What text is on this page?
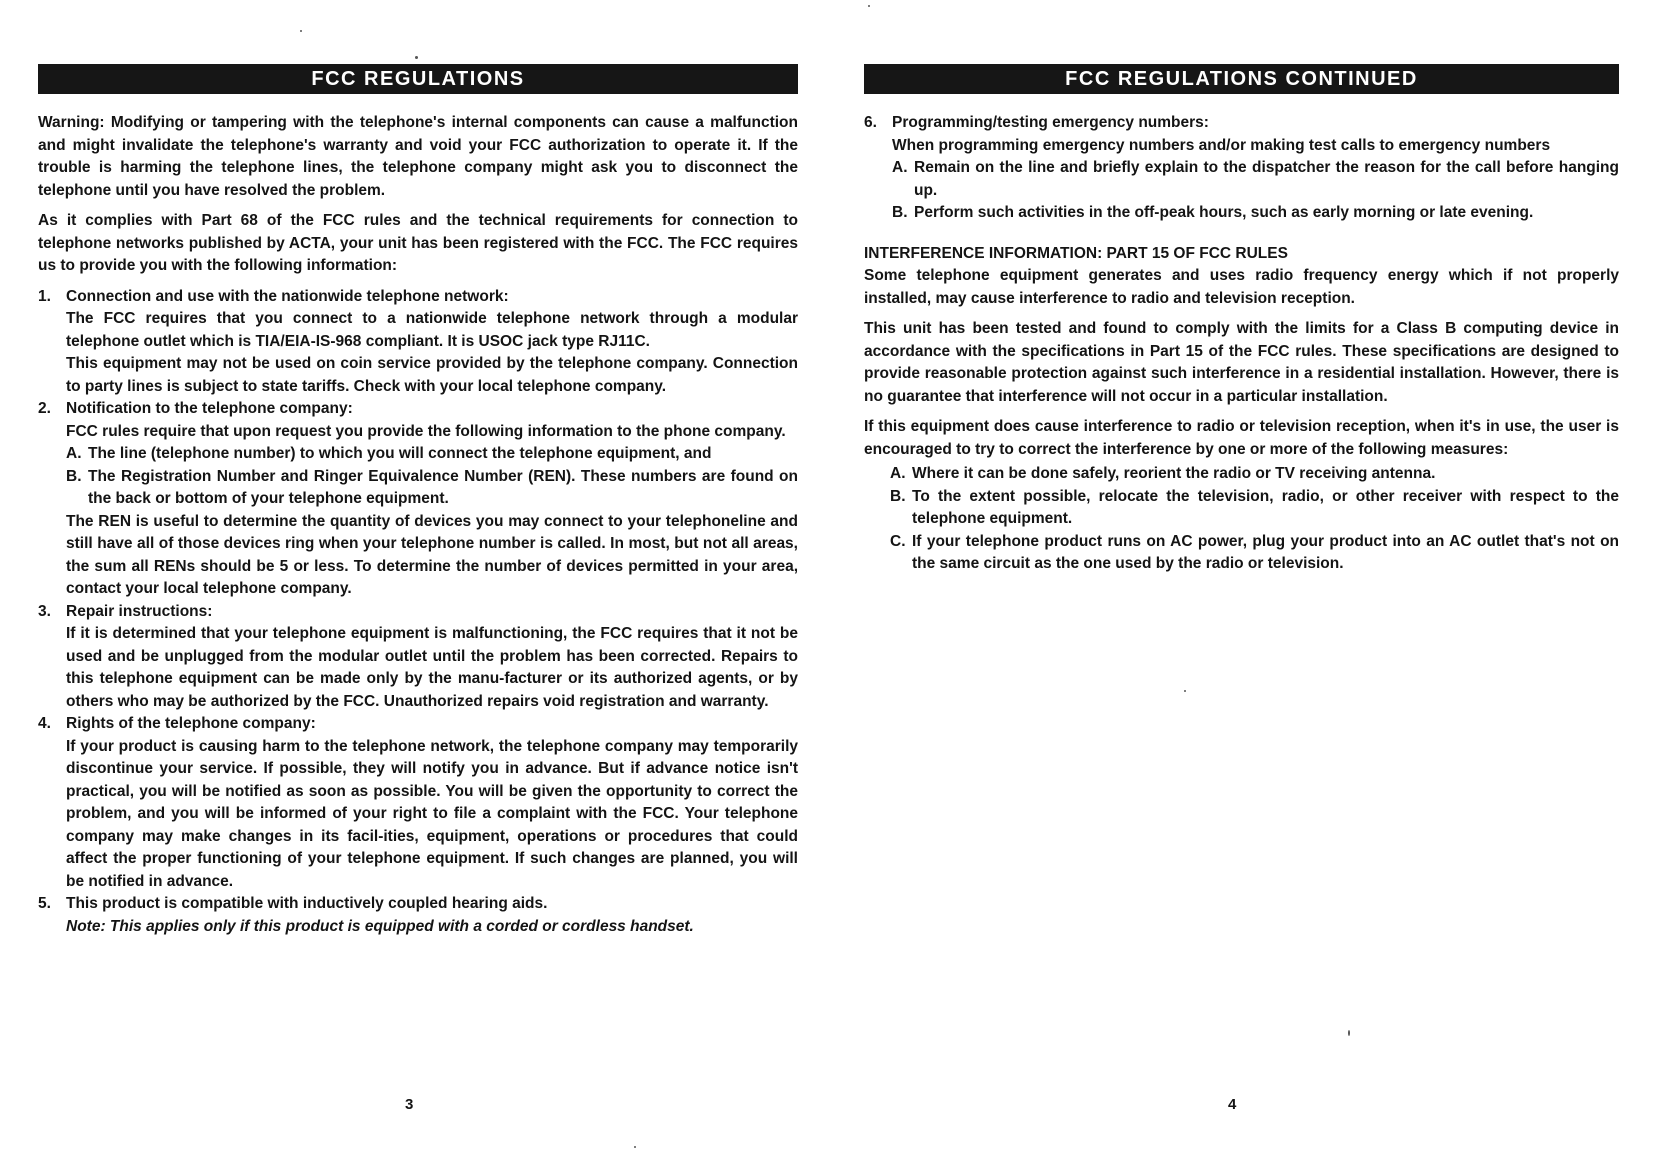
FCC REGULATIONS

Warning: Modifying or tampering with the telephone's internal components can cause a malfunction and might invalidate the telephone's warranty and void your FCC authorization to operate it. If the trouble is harming the telephone lines, the telephone company might ask you to disconnect the telephone until you have resolved the problem.

As it complies with Part 68 of the FCC rules and the technical requirements for connection to telephone networks published by ACTA, your unit has been registered with the FCC. The FCC requires us to provide you with the following information:

1. Connection and use with the nationwide telephone network:
The FCC requires that you connect to a nationwide telephone network through a modular telephone outlet which is TIA/EIA-IS-968 compliant. It is USOC jack type RJ11C.
This equipment may not be used on coin service provided by the telephone company. Connection to party lines is subject to state tariffs. Check with your local telephone company.
2. Notification to the telephone company:
FCC rules require that upon request you provide the following information to the phone company.
A. The line (telephone number) to which you will connect the telephone equipment, and
B. The Registration Number and Ringer Equivalence Number (REN). These numbers are found on the back or bottom of your telephone equipment.
The REN is useful to determine the quantity of devices you may connect to your telephoneline and still have all of those devices ring when your telephone number is called. In most, but not all areas, the sum all RENs should be 5 or less. To determine the number of devices permitted in your area, contact your local telephone company.
3. Repair instructions:
If it is determined that your telephone equipment is malfunctioning, the FCC requires that it not be used and be unplugged from the modular outlet until the problem has been corrected. Repairs to this telephone equipment can be made only by the manu-facturer or its authorized agents, or by others who may be authorized by the FCC. Unauthorized repairs void registration and warranty.
4. Rights of the telephone company:
If your product is causing harm to the telephone network, the telephone company may temporarily discontinue your service. If possible, they will notify you in advance. But if advance notice isn't practical, you will be notified as soon as possible. You will be given the opportunity to correct the problem, and you will be informed of your right to file a complaint with the FCC. Your telephone company may make changes in its facil-ities, equipment, operations or procedures that could affect the proper functioning of your telephone equipment. If such changes are planned, you will be notified in advance.
5. This product is compatible with inductively coupled hearing aids.
Note: This applies only if this product is equipped with a corded or cordless handset.
3
FCC REGULATIONS CONTINUED
6. Programming/testing emergency numbers:
When programming emergency numbers and/or making test calls to emergency numbers
A. Remain on the line and briefly explain to the dispatcher the reason for the call before hanging up.
B. Perform such activities in the off-peak hours, such as early morning or late evening.
INTERFERENCE INFORMATION: PART 15 OF FCC RULES

Some telephone equipment generates and uses radio frequency energy which if not properly installed, may cause interference to radio and television reception.

This unit has been tested and found to comply with the limits for a Class B computing device in accordance with the specifications in Part 15 of the FCC rules. These specifications are designed to provide reasonable protection against such interference in a residential installation. However, there is no guarantee that interference will not occur in a particular installation.

If this equipment does cause interference to radio or television reception, when it's in use, the user is encouraged to try to correct the interference by one or more of the following measures:

A. Where it can be done safely, reorient the radio or TV receiving antenna.
B. To the extent possible, relocate the television, radio, or other receiver with respect to the telephone equipment.
C. If your telephone product runs on AC power, plug your product into an AC outlet that's not on the same circuit as the one used by the radio or television.
4
